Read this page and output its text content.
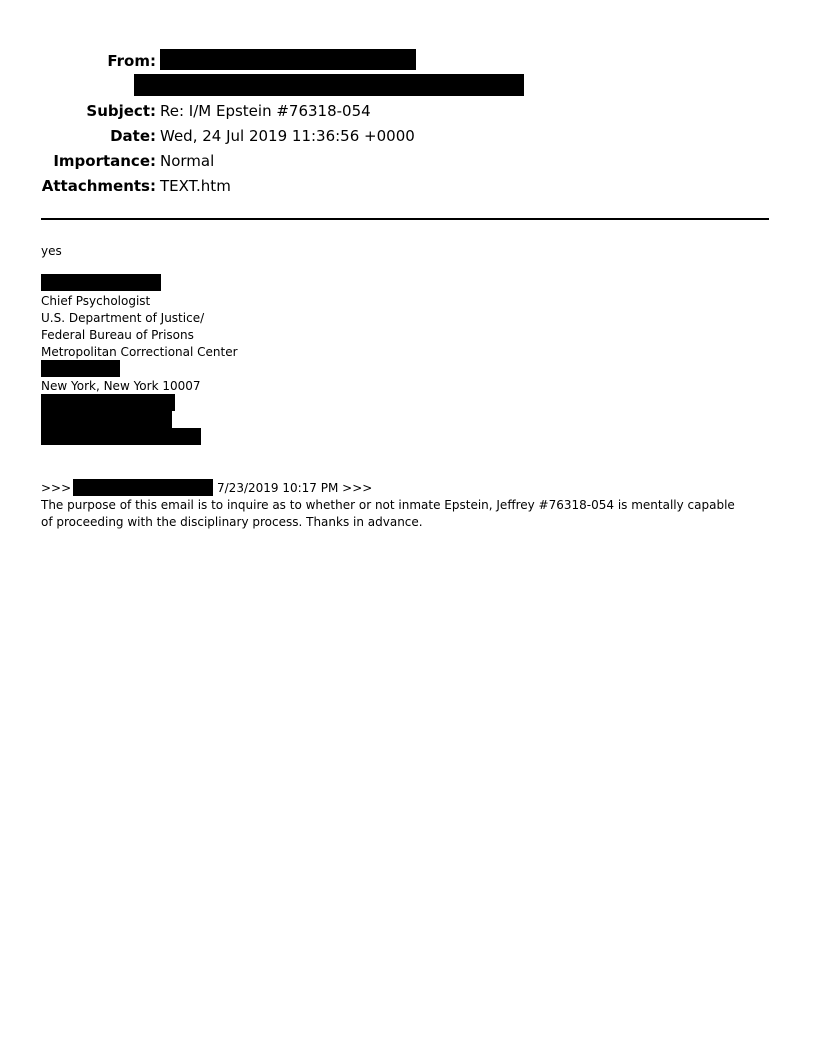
From:
Subject: Re: I/M Epstein #76318-054
Date: Wed, 24 Jul 2019 11:36:56 +0000
Importance: Normal
Attachments: TEXT.htm
yes
Chief Psychologist
U.S. Department of Justice/
Federal Bureau of Prisons
Metropolitan Correctional Center
New York, New York 10007
>>>	7/23/2019 10:17 PM >>>
The purpose of this email is to inquire as to whether or not inmate Epstein, Jeffrey #76318-054 is mentally capable of proceeding with the disciplinary process. Thanks in advance.
